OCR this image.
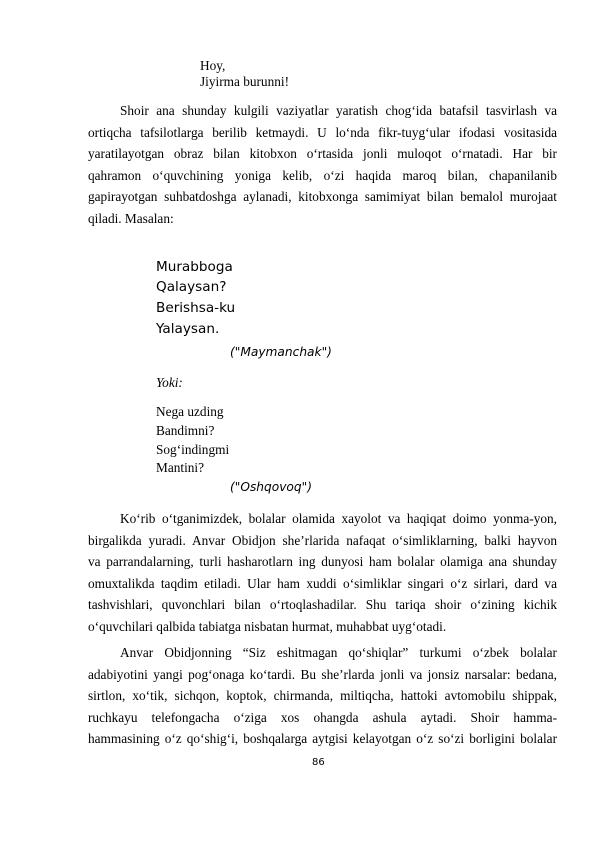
Hoy,
Jiyirma burunni!
Shoir ana shunday kulgili vaziyatlar yaratish chog‘ida batafsil tasvirlash va
ortiqcha tafsilotlarga berilib ketmaydi. U lo‘nda fikr-tuyg‘ular ifodasi vositasida
yaratilayotgan obraz bilan kitobxon o‘rtasida jonli muloqot o‘rnatadi. Har bir
qahramon o‘quvchining yoniga kelib, o‘zi haqida maroq bilan, chapanilanib
gapirayotgan suhbatdoshga aylanadi, kitobxonga samimiyat bilan bemalol murojaat
qiladi. Masalan:
Murabboga
Qalaysan?
Berishsa-ku
Yalaysan.
("Maymanchak")
Yoki:
Nega uzding
Bandimni?
Sog‘indingmi
Mantini?
("Oshqovoq")
Ko‘rib o‘tganimizdek, bolalar olamida xayolot va haqiqat doimo yonma-yon,
birgalikda yuradi. Anvar Obidjon she’rlarida nafaqat o‘simliklarning, balki hayvon
va parrandalarning, turli hasharotlarn ing dunyosi ham bolalar olamiga ana shunday
omuxtalikda taqdim etiladi. Ular ham xuddi o‘simliklar singari o‘z sirlari, dard va
tashvishlari, quvonchlari bilan o‘rtoqlashadilar. Shu tariqa shoir o‘zining kichik
o‘quvchilari qalbida tabiatga nisbatan hurmat, muhabbat uyg‘otadi.
Anvar Obidjonning “Siz eshitmagan qo‘shiqlar” turkumi o‘zbek bolalar
adabiyotini yangi pog‘onaga ko‘tardi. Bu she’rlarda jonli va jonsiz narsalar: bedana,
sirtlon, xo‘tik, sichqon, koptok, chirmanda, miltiqcha, hattoki avtomobilu shippak,
ruchkayu telefongacha o‘ziga xos ohangda ashula aytadi. Shoir hamma-
hammasining o‘z qo‘shig‘i, boshqalarga aytgisi kelayotgan o‘z so‘zi borligini bolalar
86
